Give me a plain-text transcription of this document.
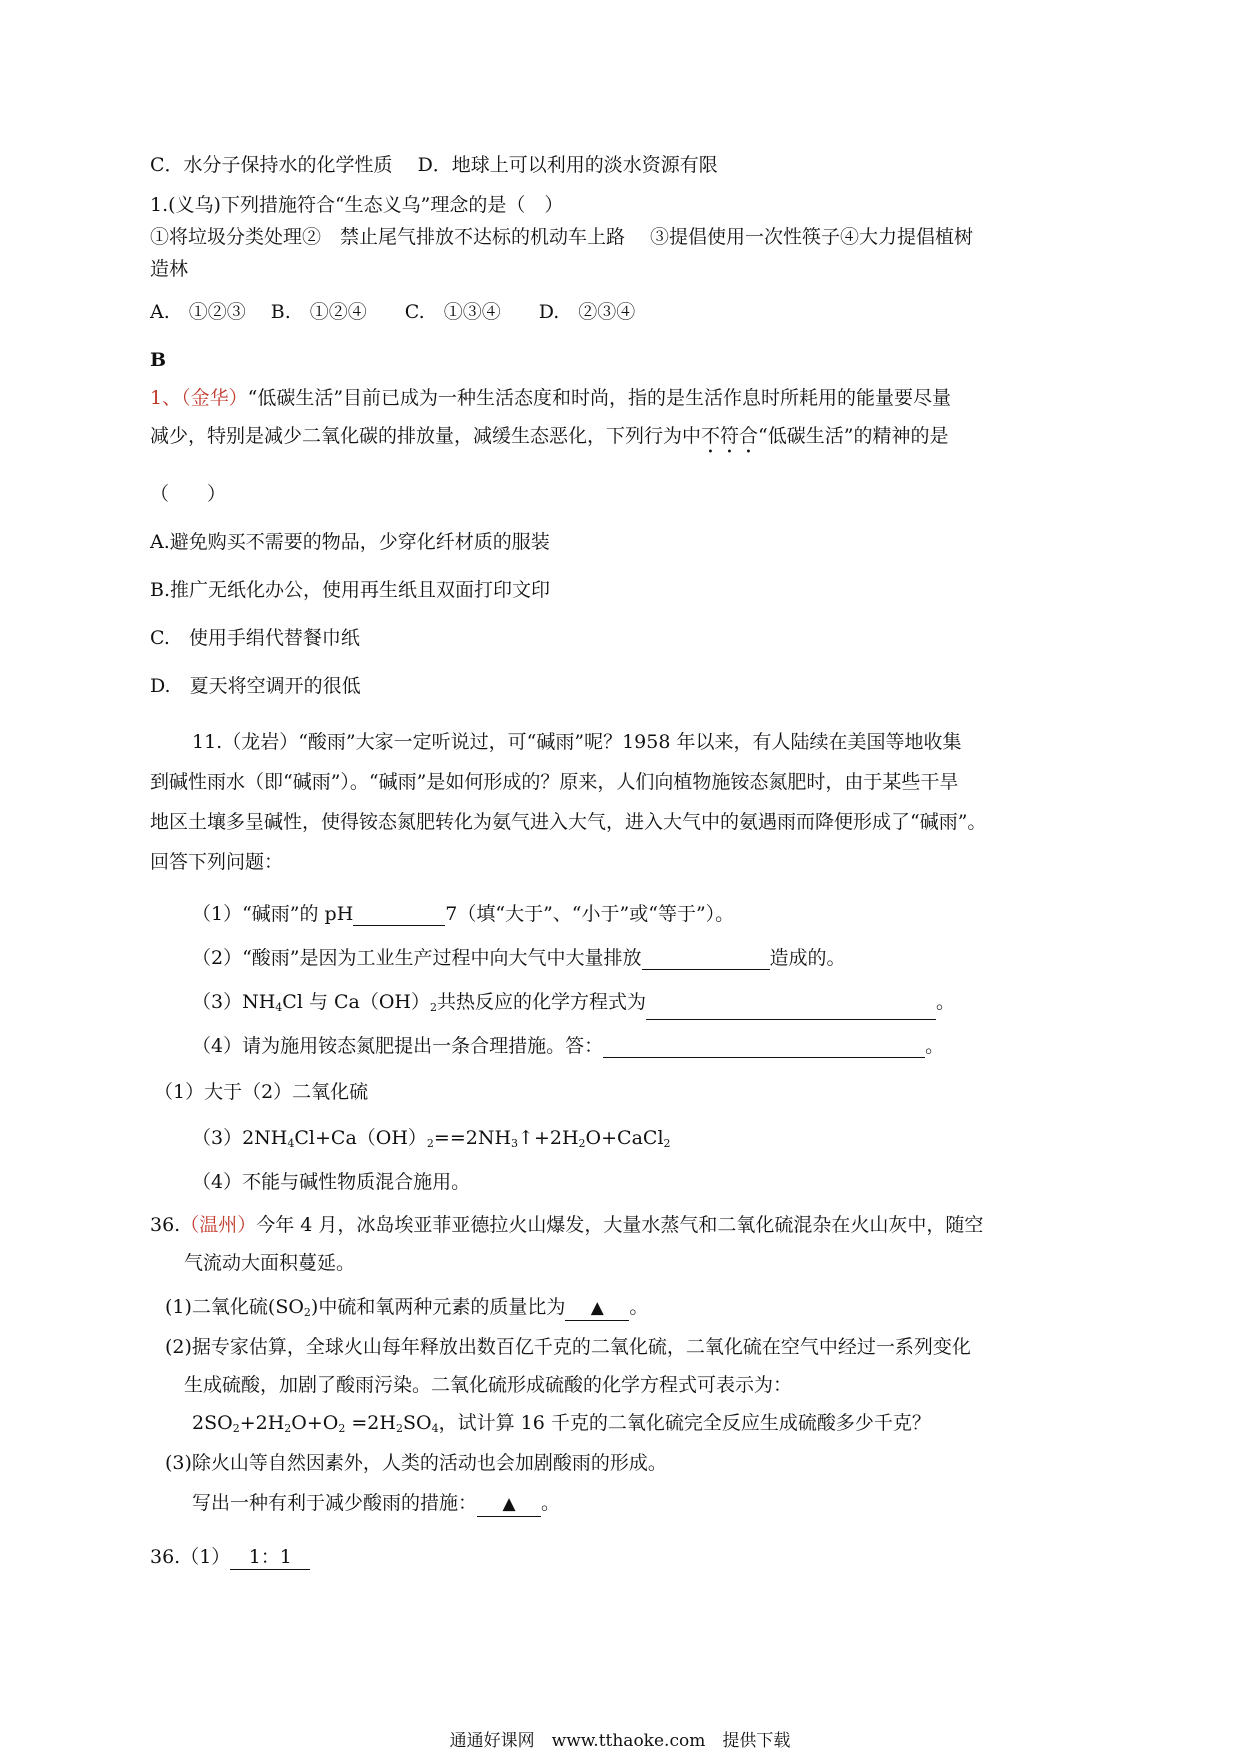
C．水分子保持水的化学性质　 D．地球上可以利用的淡水资源有限
1.(义乌)下列措施符合“生态义乌”理念的是（　）
①将垃圾分类处理②　禁止尾气排放不达标的机动车上路　 ③提倡使用一次性筷子④大力提倡植树
造林
A.　①②③　 B.　①②④　　C.　①③④　　D.　②③④
B
1、（金华）“低碳生活”目前已成为一种生活态度和时尚，指的是生活作息时所耗用的能量要尽量
减少，特别是减少二氧化碳的排放量，减缓生态恶化，下列行为中不符合“低碳生活”的精神的是
（　　）
A.避免购买不需要的物品，少穿化纤材质的服装
B.推广无纸化办公，使用再生纸且双面打印文印
C.　使用手绢代替餐巾纸
D.　夏天将空调开的很低
11.（龙岩）“酸雨”大家一定听说过，可“碱雨”呢？1958 年以来，有人陆续在美国等地收集
到碱性雨水（即“碱雨”）。“碱雨”是如何形成的？原来，人们向植物施铵态氮肥时，由于某些干旱
地区土壤多呈碱性，使得铵态氮肥转化为氨气进入大气，进入大气中的氨遇雨而降便形成了“碱雨”。
回答下列问题：
（1）“碱雨”的 pH	7（填“大于”、“小于”或“等于”）。
（2）“酸雨”是因为工业生产过程中向大气中大量排放	造成的。
$(3)NH_4Cl$ 与 $Ca(OH)_2$共热反应的化学方程式为	。
（4）请为施用铵态氮肥提出一条合理措施。答：	。
（1）大于（2）二氧化硫
$(3)2NH_4Cl+Ca(OH)_2==2NH_3↑+2H_2O+CaCl_2$
（4）不能与碱性物质混合施用。
36.（温州）今年 4 月，冰岛埃亚菲亚德拉火山爆发，大量水蒸气和二氧化硫混杂在火山灰中，随空
气流动大面积蔓延。
(1)二氧化硫$(SO_2)$中硫和氧两种元素的质量比为 ▲ 。
(2)据专家估算，全球火山每年释放出数百亿千克的二氧化硫，二氧化硫在空气中经过一系列变化
生成硫酸，加剧了酸雨污染。二氧化硫形成硫酸的化学方程式可表示为：
$2SO_2+2H_2O+O_2 =2H_2SO_4$，试计算 16 千克的二氧化硫完全反应生成硫酸多少千克？
(3)除火山等自然因素外，人类的活动也会加剧酸雨的形成。
写出一种有利于减少酸雨的措施： ▲ 。
36.（1） 1：1
通通好课网　www.tthaoke.com　提供下载
